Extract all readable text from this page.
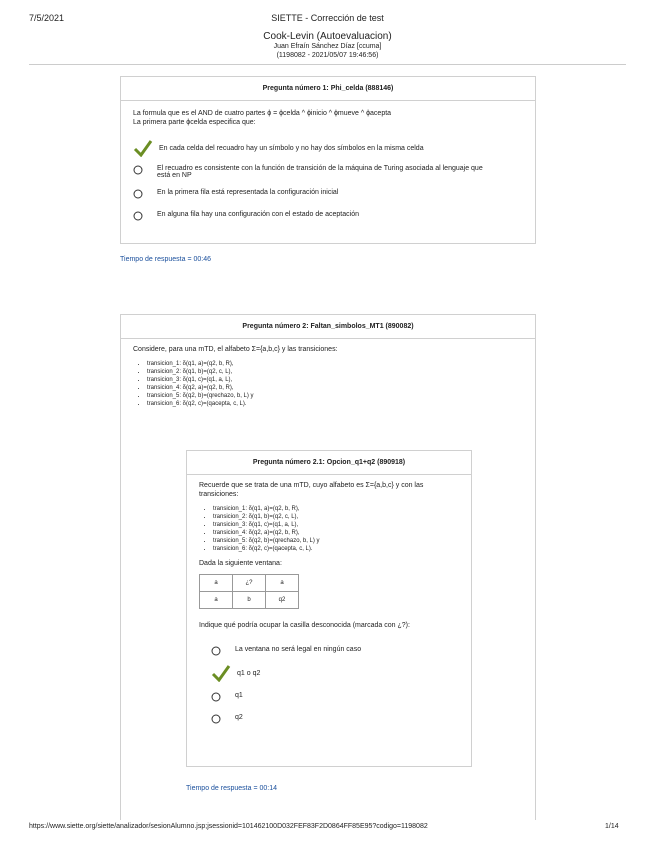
7/5/2021	SIETTE - Corrección de test
Cook-Levin (Autoevaluacion)
Juan Efraín Sánchez Díaz [ccuma]
(1198082 - 2021/05/07 19:46:56)
Pregunta número 1: Phi_celda (888146)
La formula que es el AND de cuatro partes ϕ = ϕcelda ^ ϕinicio ^ ϕmueve ^ ϕacepta
La primera parte ϕcelda especifica que:
En cada celda del recuadro hay un símbolo y no hay dos símbolos en la misma celda
El recuadro es consistente con la función de transición de la máquina de Turing asociada al lenguaje que está en NP
En la primera fila está representada la configuración inicial
En alguna fila hay una configuración con el estado de aceptación
Tiempo de respuesta = 00:46
Pregunta número 2: Faltan_simbolos_MT1 (890082)
Considere, para una mTD, el alfabeto Σ={a,b,c} y las transiciones:
• transicion_1: δ(q1, a)=(q2, b, R),
• transicion_2: δ(q1, b)=(q2, c, L),
• transicion_3: δ(q1, c)=(q1, a, L),
• transicion_4: δ(q2, a)=(q2, b, R),
• transicion_5: δ(q2, b)=(qrechazo, b, L) y
• transicion_6: δ(q2, c)=(qacepta, c, L).
Pregunta número 2.1: Opcion_q1+q2 (890918)
Recuerde que se trata de una mTD, cuyo alfabeto es Σ={a,b,c} y con las transiciones:
• transicion_1: δ(q1, a)=(q2, b, R),
• transicion_2: δ(q1, b)=(q2, c, L),
• transicion_3: δ(q1, c)=(q1, a, L),
• transicion_4: δ(q2, a)=(q2, b, R),
• transicion_5: δ(q2, b)=(qrechazo, b, L) y
• transicion_6: δ(q2, c)=(qacepta, c, L).
Dada la siguiente ventana:
a	¿?	a
a	b	q2
Indique qué podría ocupar la casilla desconocida (marcada con ¿?):
La ventana no será legal en ningún caso
q1 o q2
q1
q2
Tiempo de respuesta = 00:14
https://www.siette.org/siette/analizador/sesionAlumno.jsp;jsessionid=101462100D032FEF83F2D0864FF85E95?codigo=1198082	1/14
